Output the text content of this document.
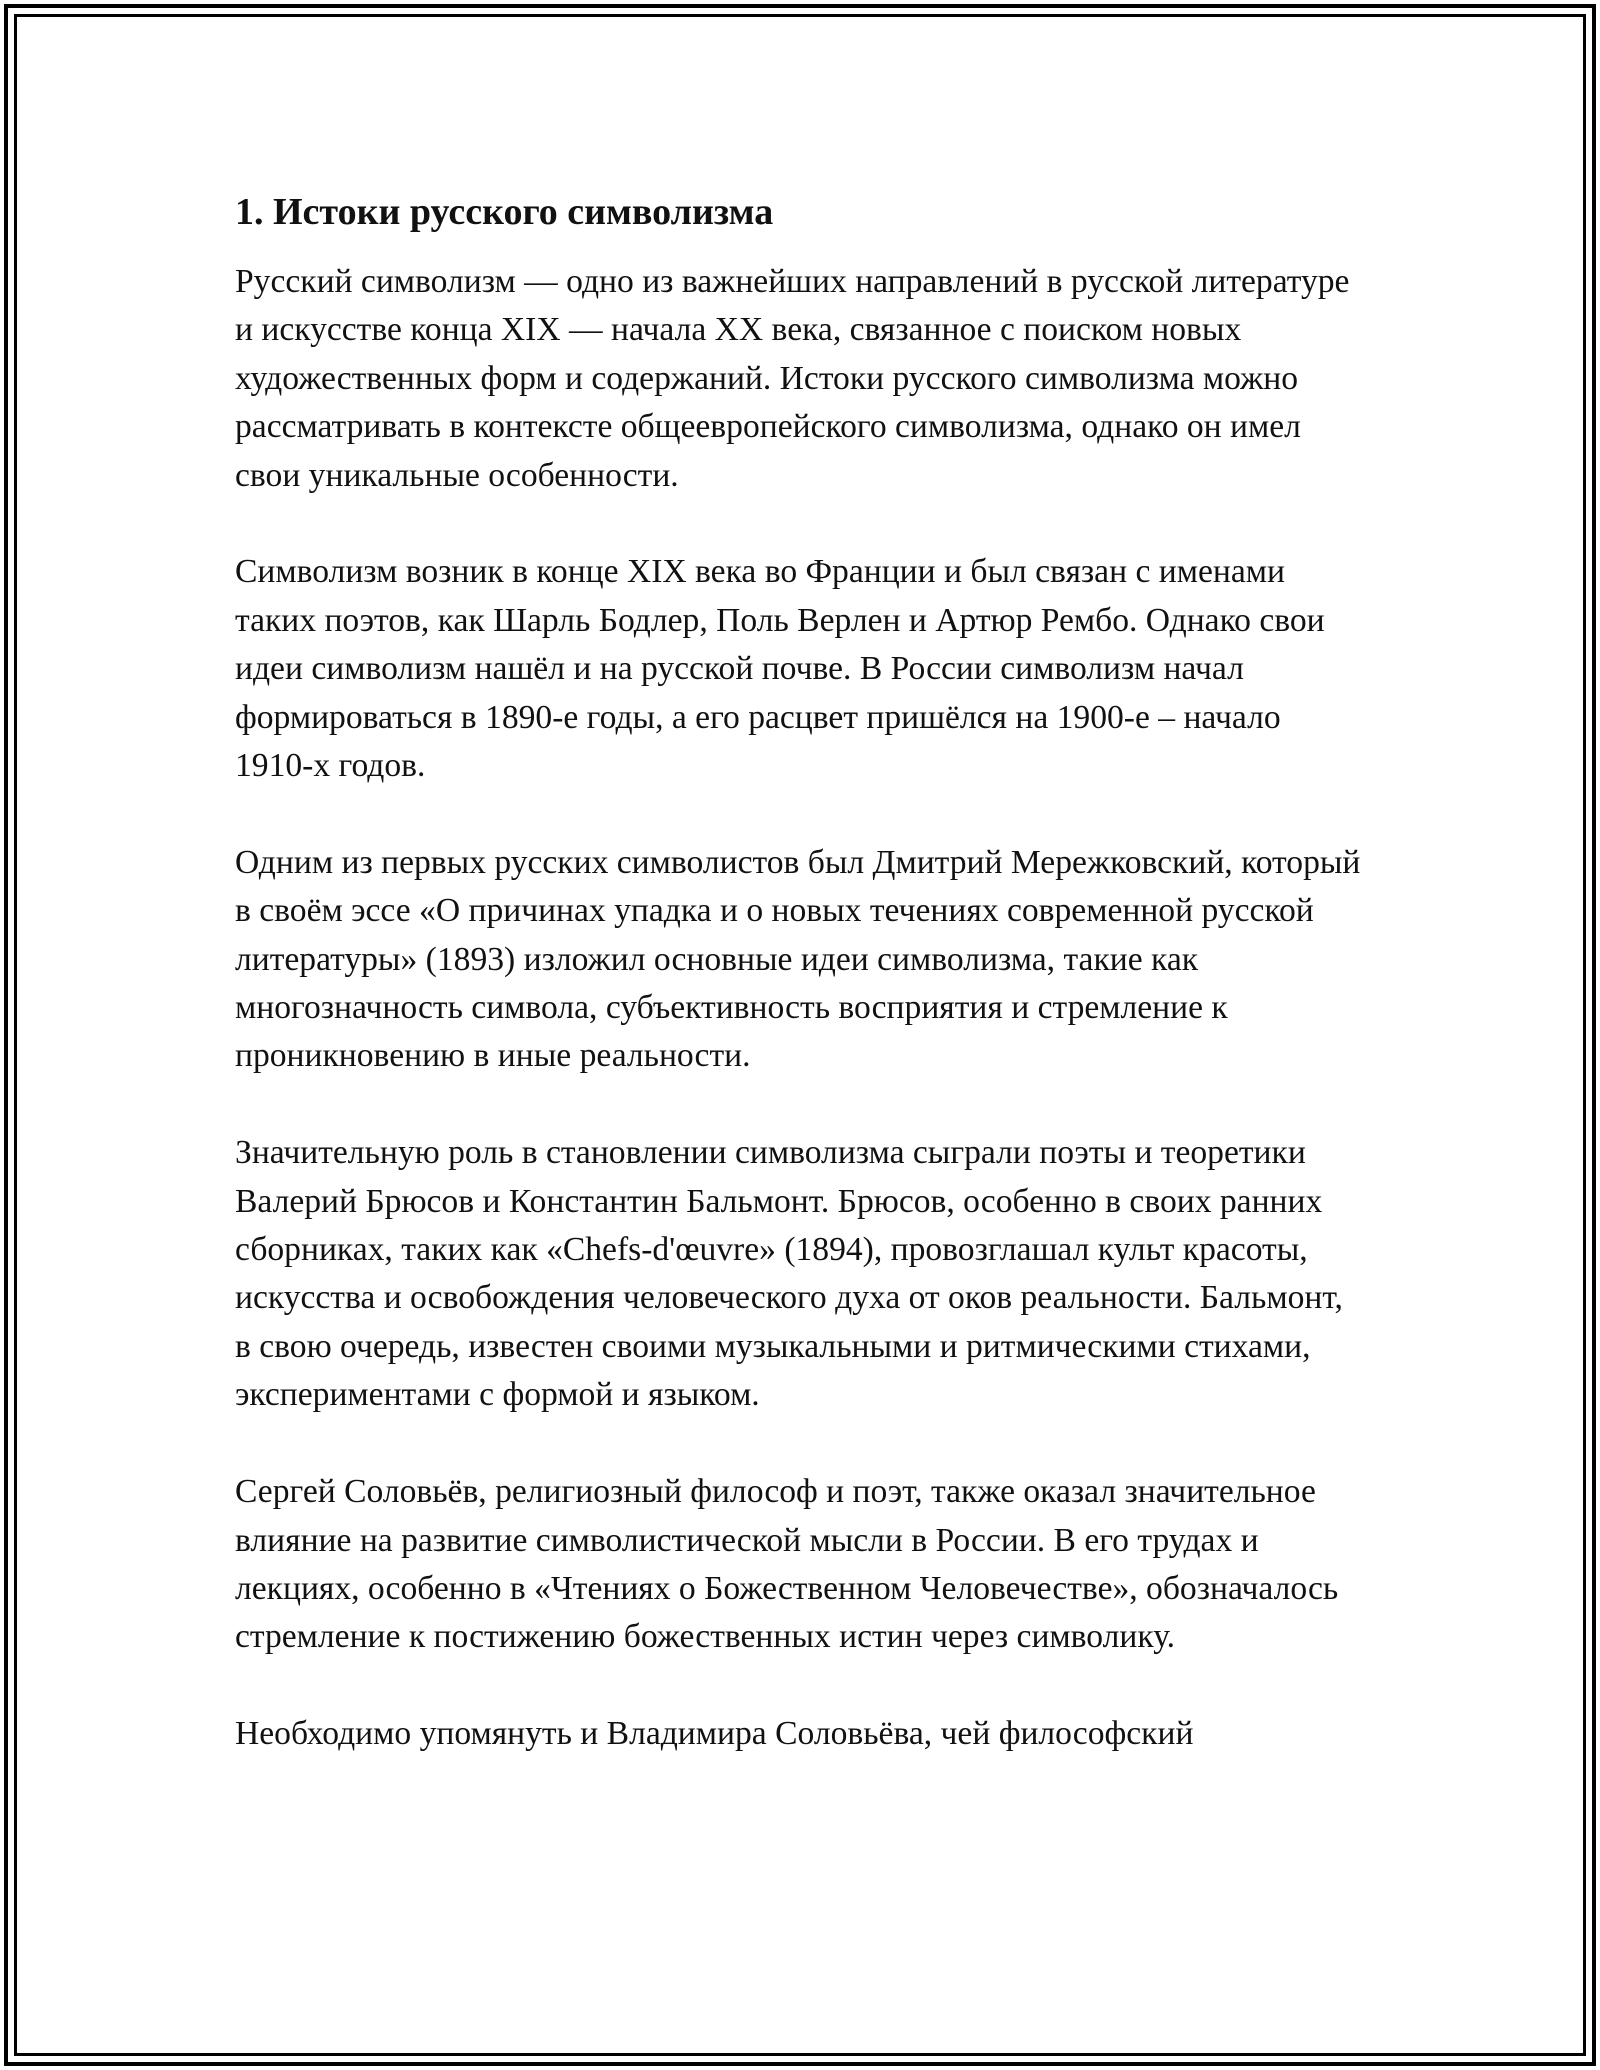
1. Истоки русского символизма

Русский символизм — одно из важнейших направлений в русской литературе и искусстве конца XIX — начала XX века, связанное с поиском новых художественных форм и содержаний. Истоки русского символизма можно рассматривать в контексте общеевропейского символизма, однако он имел свои уникальные особенности.

Символизм возник в конце XIX века во Франции и был связан с именами таких поэтов, как Шарль Бодлер, Поль Верлен и Артюр Рембо. Однако свои идеи символизм нашёл и на русской почве. В России символизм начал формироваться в 1890-е годы, а его расцвет пришёлся на 1900-е – начало 1910-х годов.

Одним из первых русских символистов был Дмитрий Мережковский, который в своём эссе «О причинах упадка и о новых течениях современной русской литературы» (1893) изложил основные идеи символизма, такие как многозначность символа, субъективность восприятия и стремление к проникновению в иные реальности.

Значительную роль в становлении символизма сыграли поэты и теоретики Валерий Брюсов и Константин Бальмонт. Брюсов, особенно в своих ранних сборниках, таких как «Chefs-d'œuvre» (1894), провозглашал культ красоты, искусства и освобождения человеческого духа от оков реальности. Бальмонт, в свою очередь, известен своими музыкальными и ритмическими стихами, экспериментами с формой и языком.

Сергей Соловьёв, религиозный философ и поэт, также оказал значительное влияние на развитие символистической мысли в России. В его трудах и лекциях, особенно в «Чтениях о Божественном Человечестве», обозначалось стремление к постижению божественных истин через символику.

Необходимо упомянуть и Владимира Соловьёва, чей философский
